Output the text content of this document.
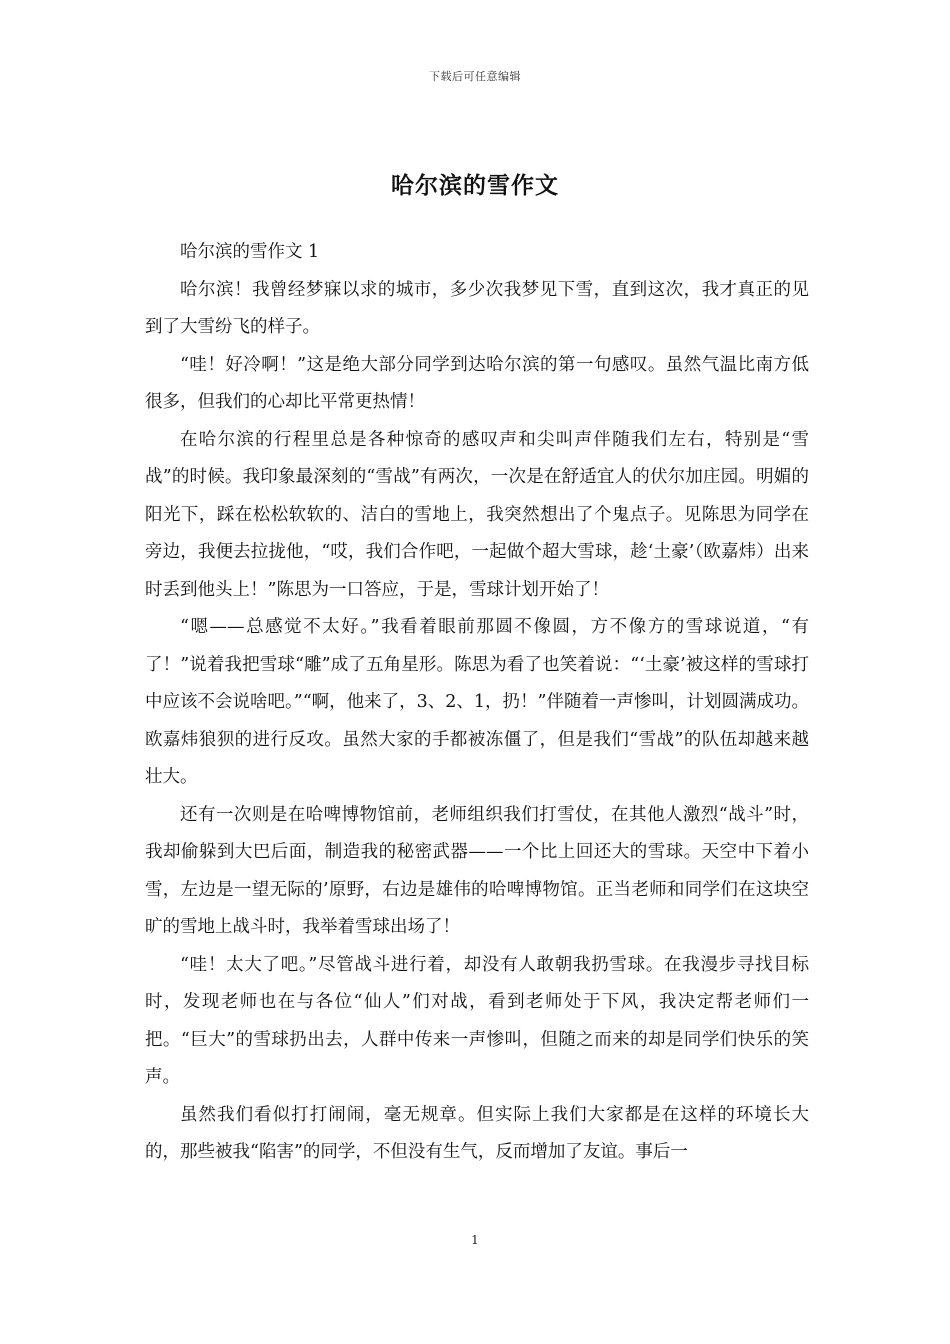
下载后可任意编辑
哈尔滨的雪作文

哈尔滨的雪作文 1

哈尔滨！我曾经梦寐以求的城市，多少次我梦见下雪，直到这次，我才真正的见到了大雪纷飞的样子。

“哇！好冷啊！”这是绝大部分同学到达哈尔滨的第一句感叹。虽然气温比南方低很多，但我们的心却比平常更热情！

在哈尔滨的行程里总是各种惊奇的感叹声和尖叫声伴随我们左右，特别是“雪战”的时候。我印象最深刻的“雪战”有两次，一次是在舒适宜人的伏尔加庄园。明媚的阳光下，踩在松松软软的、洁白的雪地上，我突然想出了个鬼点子。见陈思为同学在旁边，我便去拉拢他，“哎，我们合作吧，一起做个超大雪球，趁‘土豪’（欧嘉炜）出来时丢到他头上！”陈思为一口答应，于是，雪球计划开始了！

“嗯——总感觉不太好。”我看着眼前那圆不像圆，方不像方的雪球说道，“有了！”说着我把雪球“雕”成了五角星形。陈思为看了也笑着说：“‘土豪’被这样的雪球打中应该不会说啥吧。”“啊，他来了，3、2、1，扔！”伴随着一声惨叫，计划圆满成功。欧嘉炜狼狈的进行反攻。虽然大家的手都被冻僵了，但是我们“雪战”的队伍却越来越壮大。

还有一次则是在哈啤博物馆前，老师组织我们打雪仗，在其他人激烈“战斗”时，我却偷躲到大巴后面，制造我的秘密武器——一个比上回还大的雪球。天空中下着小雪，左边是一望无际的’原野，右边是雄伟的哈啤博物馆。正当老师和同学们在这块空旷的雪地上战斗时，我举着雪球出场了！

“哇！太大了吧。”尽管战斗进行着，却没有人敢朝我扔雪球。在我漫步寻找目标时，发现老师也在与各位“仙人”们对战，看到老师处于下风，我决定帮老师们一把。“巨大”的雪球扔出去，人群中传来一声惨叫，但随之而来的却是同学们快乐的笑声。

虽然我们看似打打闹闹，毫无规章。但实际上我们大家都是在这样的环境长大的，那些被我“陷害”的同学，不但没有生气，反而增加了友谊。事后一

1
